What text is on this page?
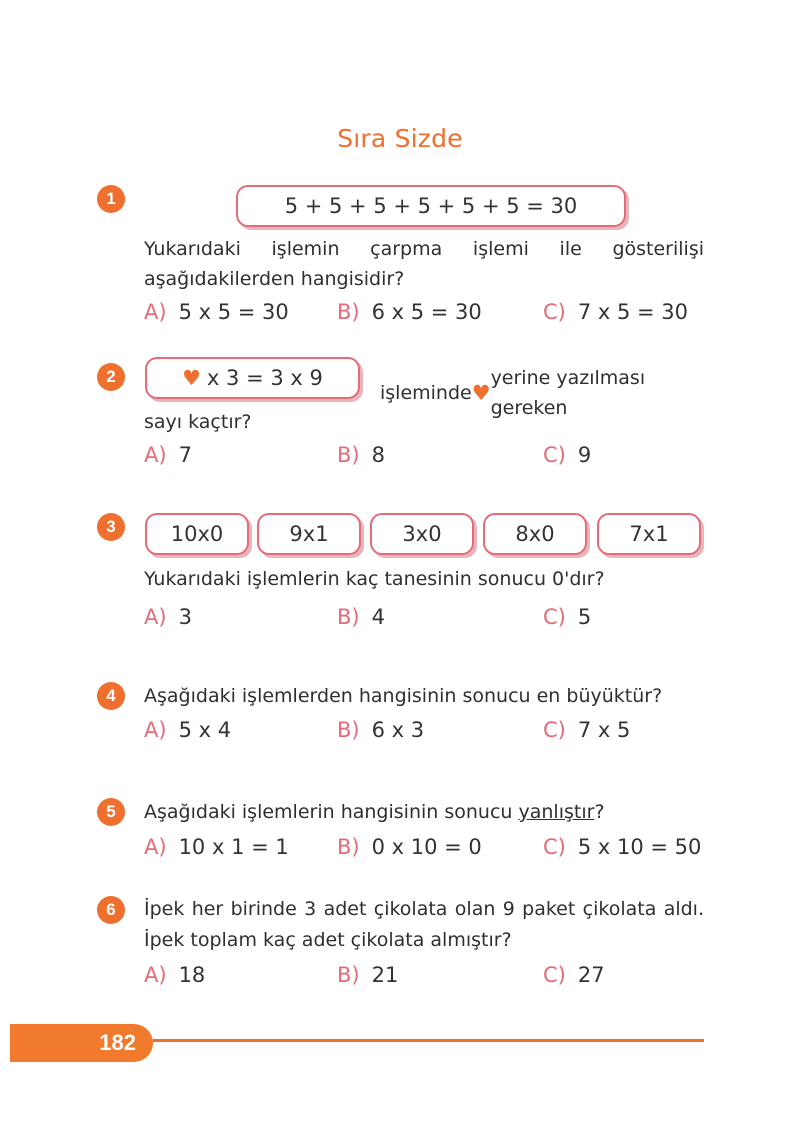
Sıra Sizde
1	5 + 5 + 5 + 5 + 5 + 5 = 30
Yukarıdaki işlemin çarpma işlemi ile gösterilişi aşağıdakilerden hangisidir?
A) 5 x 5 = 30 B) 6 x 5 = 30	C) 7 x 5 = 30
2	♥ x 3 = 3 x 9
işleminde ♥
yerine yazılması gereken
sayı kaçtır?
A) 7	B) 8	C) 9
3	10x0	9x1	3x0	8x0	7x1
Yukarıdaki işlemlerin kaç tanesinin sonucu 0'dır?
A) 3	B) 4	C) 5
4	Aşağıdaki işlemlerden hangisinin sonucu en büyüktür?
A) 5 x 4	B) 6 x 3	C) 7 x 5
5	Aşağıdaki işlemlerin hangisinin sonucu yanlıştır?
A) 10 x 1 = 1 B) 0 x 10 = 0	C) 5 x 10 = 50
6	İpek her birinde 3 adet çikolata olan 9 paket çikolata aldı. İpek toplam kaç adet çikolata almıştır?
A) 18	B) 21	C) 27
182
